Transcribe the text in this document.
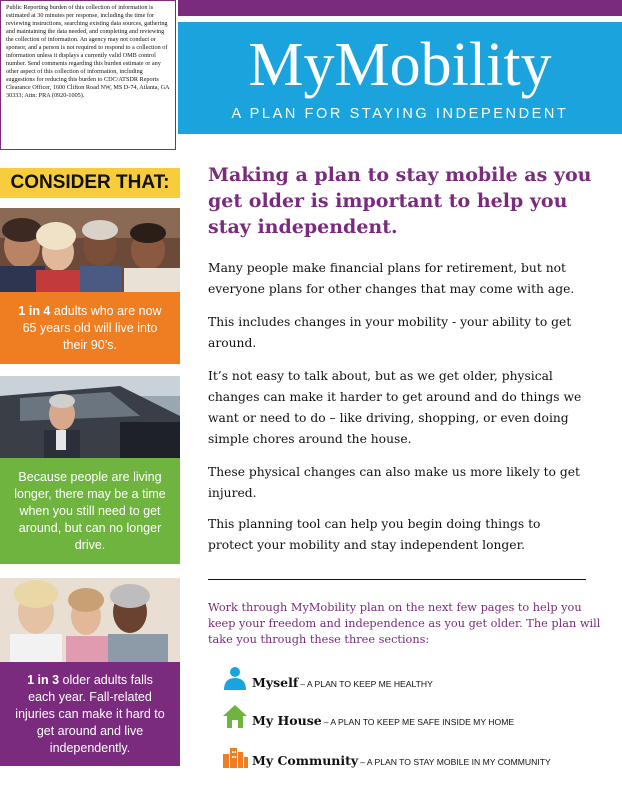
Public Reporting burden of this collection of information is estimated at 30 minutes per response, including the time for reviewing instructions, searching existing data sources, gathering and maintaining the data needed, and completing and reviewing the collection of information. An agency may not conduct or sponsor, and a person is not required to respond to a collection of information unless it displays a currently valid OMB control number. Send comments regarding this burden estimate or any other aspect of this collection of information, including suggestions for reducing this burden to CDC/ATSDR Reports Clearance Officer, 1600 Clifton Road NW, MS D-74, Atlanta, GA 30333; Attn: PRA (0920-1005).	MyMobility
A PLAN FOR STAYING INDEPENDENT
CONSIDER THAT:
1 in 4 adults who are now 65 years old will live into their 90’s.
Because people are living longer, there may be a time when you still need to get around, but can no longer drive.
1 in 3 older adults falls each year. Fall-related injuries can make it hard to get around and live independently.
Making a plan to stay mobile as you get older is important to help you stay independent.
Many people make financial plans for retirement, but not everyone plans for other changes that may come with age.
This includes changes in your mobility - your ability to get around.
It’s not easy to talk about, but as we get older, physical changes can make it harder to get around and do things we want or need to do – like driving, shopping, or even doing simple chores around the house.
These physical changes can also make us more likely to get injured.
This planning tool can help you begin doing things to protect your mobility and stay independent longer.
Work through MyMobility plan on the next few pages to help you keep your freedom and independence as you get older. The plan will take you through these three sections:
Myself – A PLAN TO KEEP ME HEALTHY
My House – A PLAN TO KEEP ME SAFE INSIDE MY HOME
My Community – A PLAN TO STAY MOBILE IN MY COMMUNITY
